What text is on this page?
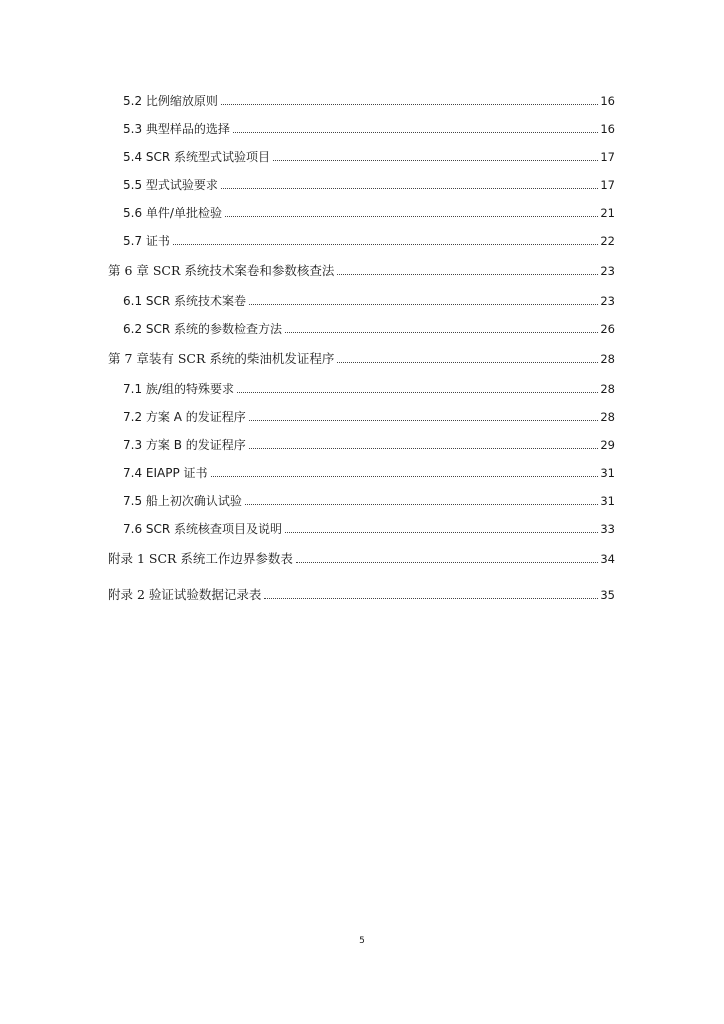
5.2 比例缩放原则	16
5.3 典型样品的选择	16
5.4 SCR 系统型式试验项目	17
5.5 型式试验要求	17
5.6 单件/单批检验	21
5.7 证书	22
第 6 章 SCR 系统技术案卷和参数核查法	23
6.1 SCR 系统技术案卷	23
6.2 SCR 系统的参数检查方法	26
第 7 章装有 SCR 系统的柴油机发证程序	28
7.1 族/组的特殊要求	28
7.2 方案 A 的发证程序	28
7.3 方案 B 的发证程序	29
7.4 EIAPP 证书	31
7.5 船上初次确认试验	31
7.6 SCR 系统核查项目及说明	33
附录 1 SCR 系统工作边界参数表	34
附录 2 验证试验数据记录表	35
5
